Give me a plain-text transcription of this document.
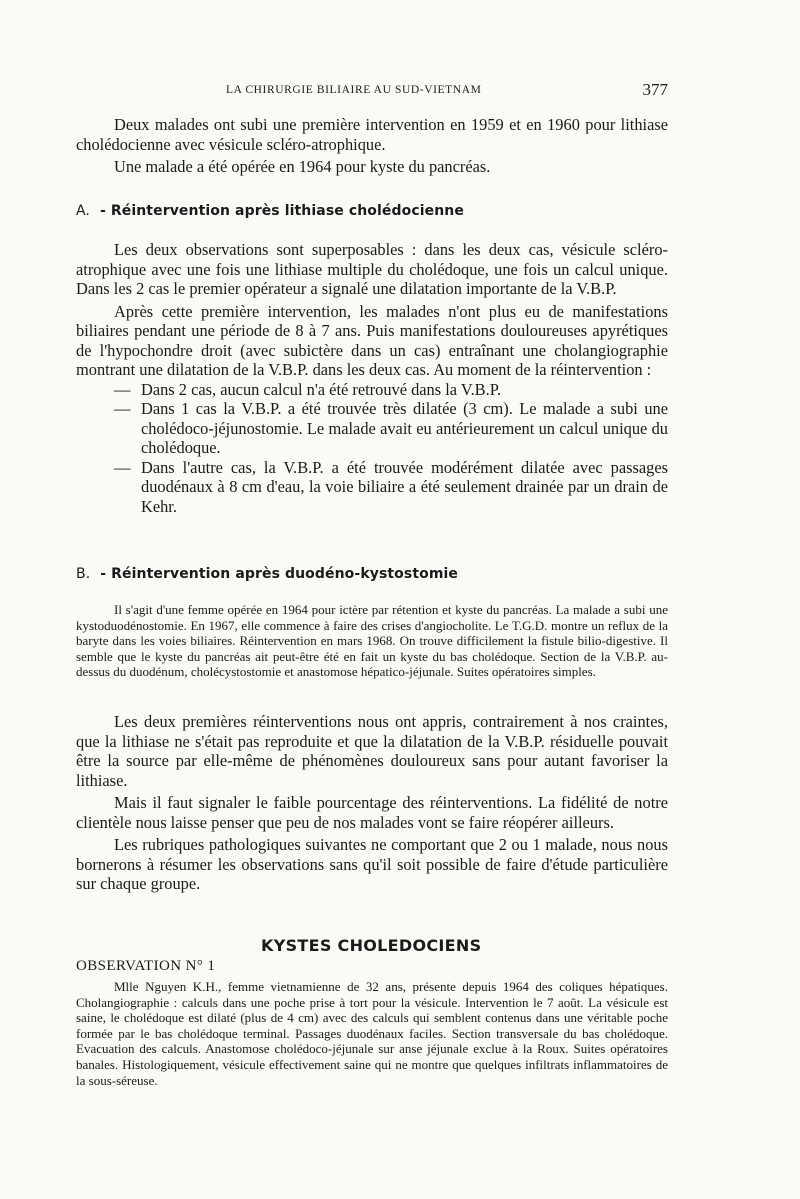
LA CHIRURGIE BILIAIRE AU SUD-VIETNAM	377

Deux malades ont subi une première intervention en 1959 et en 1960 pour lithiase cholédocienne avec vésicule scléro-atrophique.

Une malade a été opérée en 1964 pour kyste du pancréas.

A. - Réintervention après lithiase cholédocienne

Les deux observations sont superposables : dans les deux cas, vésicule scléro-atrophique avec une fois une lithiase multiple du cholédoque, une fois un calcul unique. Dans les 2 cas le premier opérateur a signalé une dilatation importante de la V.B.P.

Après cette première intervention, les malades n'ont plus eu de manifestations biliaires pendant une période de 8 à 7 ans. Puis manifestations douloureuses apyrétiques de l'hypochondre droit (avec subictère dans un cas) entraînant une cholangiographie montrant une dilatation de la V.B.P. dans les deux cas. Au moment de la réintervention :

— Dans 2 cas, aucun calcul n'a été retrouvé dans la V.B.P.
— Dans 1 cas la V.B.P. a été trouvée très dilatée (3 cm). Le malade a subi une cholédoco-jéjunostomie. Le malade avait eu antérieurement un calcul unique du cholédoque.
— Dans l'autre cas, la V.B.P. a été trouvée modérément dilatée avec passages duodénaux à 8 cm d'eau, la voie biliaire a été seulement drainée par un drain de Kehr.
B. - Réintervention après duodéno-kystostomie

Il s'agit d'une femme opérée en 1964 pour ictère par rétention et kyste du pancréas. La malade a subi une kystoduodénostomie. En 1967, elle commence à faire des crises d'angiocholite. Le T.G.D. montre un reflux de la baryte dans les voies biliaires. Réintervention en mars 1968. On trouve difficilement la fistule bilio-digestive. Il semble que le kyste du pancréas ait peut-être été en fait un kyste du bas cholédoque. Section de la V.B.P. au-dessus du duodénum, cholécystostomie et anastomose hépatico-jéjunale. Suites opératoires simples.

Les deux premières réinterventions nous ont appris, contrairement à nos craintes, que la lithiase ne s'était pas reproduite et que la dilatation de la V.B.P. résiduelle pouvait être la source par elle-même de phénomènes douloureux sans pour autant favoriser la lithiase.

Mais il faut signaler le faible pourcentage des réinterventions. La fidélité de notre clientèle nous laisse penser que peu de nos malades vont se faire réopérer ailleurs.

Les rubriques pathologiques suivantes ne comportant que 2 ou 1 malade, nous nous bornerons à résumer les observations sans qu'il soit possible de faire d'étude particulière sur chaque groupe.

KYSTES CHOLEDOCIENS
OBSERVATION N° 1

Mlle Nguyen K.H., femme vietnamienne de 32 ans, présente depuis 1964 des coliques hépatiques. Cholangiographie : calculs dans une poche prise à tort pour la vésicule. Intervention le 7 août. La vésicule est saine, le cholédoque est dilaté (plus de 4 cm) avec des calculs qui semblent contenus dans une véritable poche formée par le bas cholédoque terminal. Passages duodénaux faciles. Section transversale du bas cholédoque. Evacuation des calculs. Anastomose cholédoco-jéjunale sur anse jéjunale exclue à la Roux. Suites opératoires banales. Histologiquement, vésicule effectivement saine qui ne montre que quelques infiltrats inflammatoires de la sous-séreuse.
